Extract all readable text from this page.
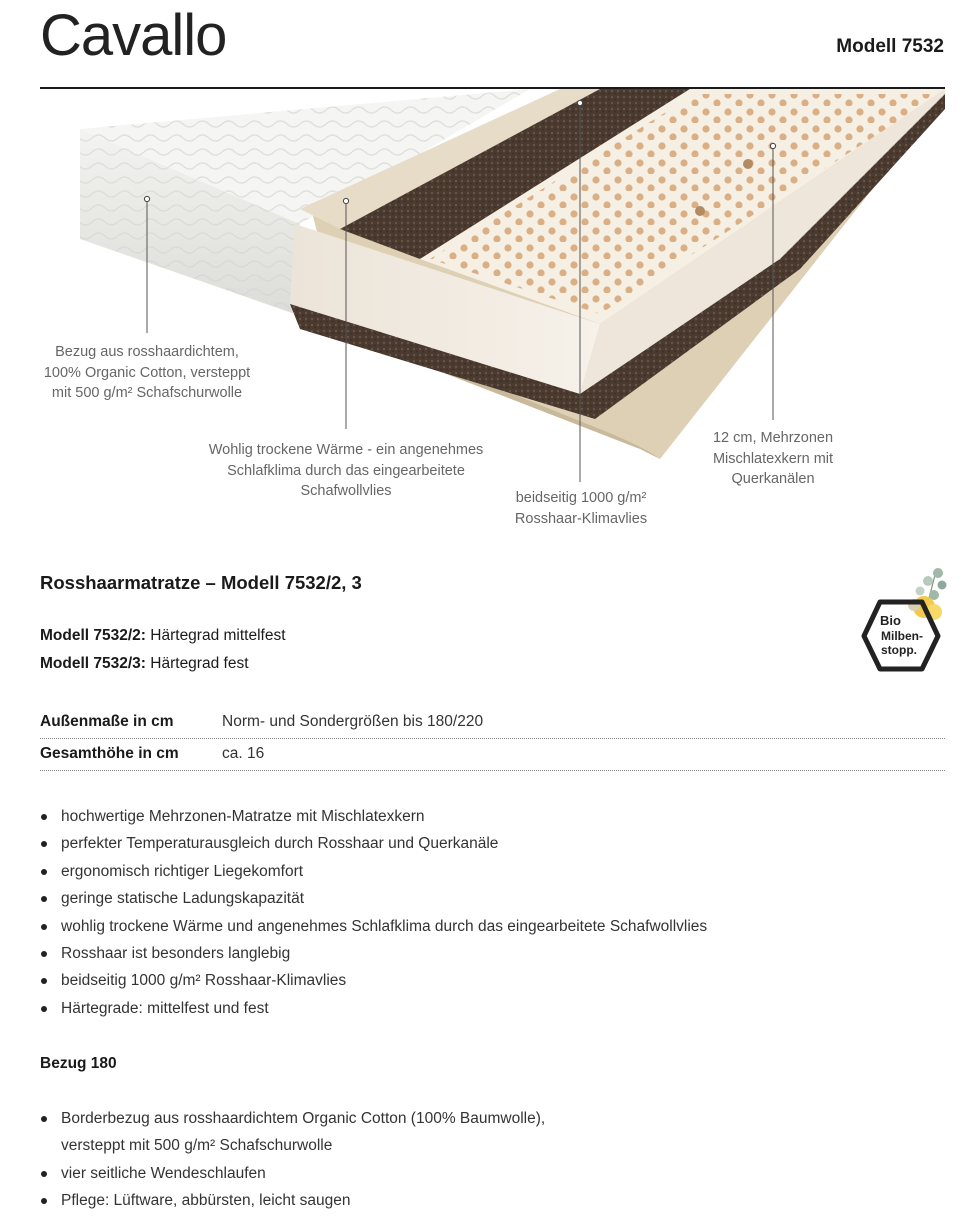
Cavallo	Modell 7532
Bezug aus rosshaardichtem,
100% Organic Cotton, versteppt
mit 500 g/m² Schafschurwolle
Wohlig trockene Wärme - ein angenehmes
Schlafklima durch das eingearbeitete
Schafwollvlies	beidseitig 1000 g/m²
Rosshaar-Klimavlies
12 cm, Mehrzonen
Mischlatexkern mit
Querkanälen
Rosshaarmatratze – Modell 7532/2, 3
Bio
Milben-
stopp.
Modell 7532/2: Härtegrad mittelfest
Modell 7532/3: Härtegrad fest
Außenmaße in cm	Norm- und Sondergrößen bis 180/220
Gesamthöhe in cm	ca. 16
hochwertige Mehrzonen-Matratze mit Mischlatexkern
perfekter Temperaturausgleich durch Rosshaar und Querkanäle
ergonomisch richtiger Liegekomfort
geringe statische Ladungskapazität
wohlig trockene Wärme und angenehmes Schlafklima durch das eingearbeitete Schafwollvlies
Rosshaar ist besonders langlebig
beidseitig 1000 g/m² Rosshaar-Klimavlies
Härtegrade: mittelfest und fest
Bezug 180
Borderbezug aus rosshaardichtem Organic Cotton (100% Baumwolle),
versteppt mit 500 g/m² Schafschurwolle
vier seitliche Wendeschlaufen
Pflege: Lüftware, abbürsten, leicht saugen
